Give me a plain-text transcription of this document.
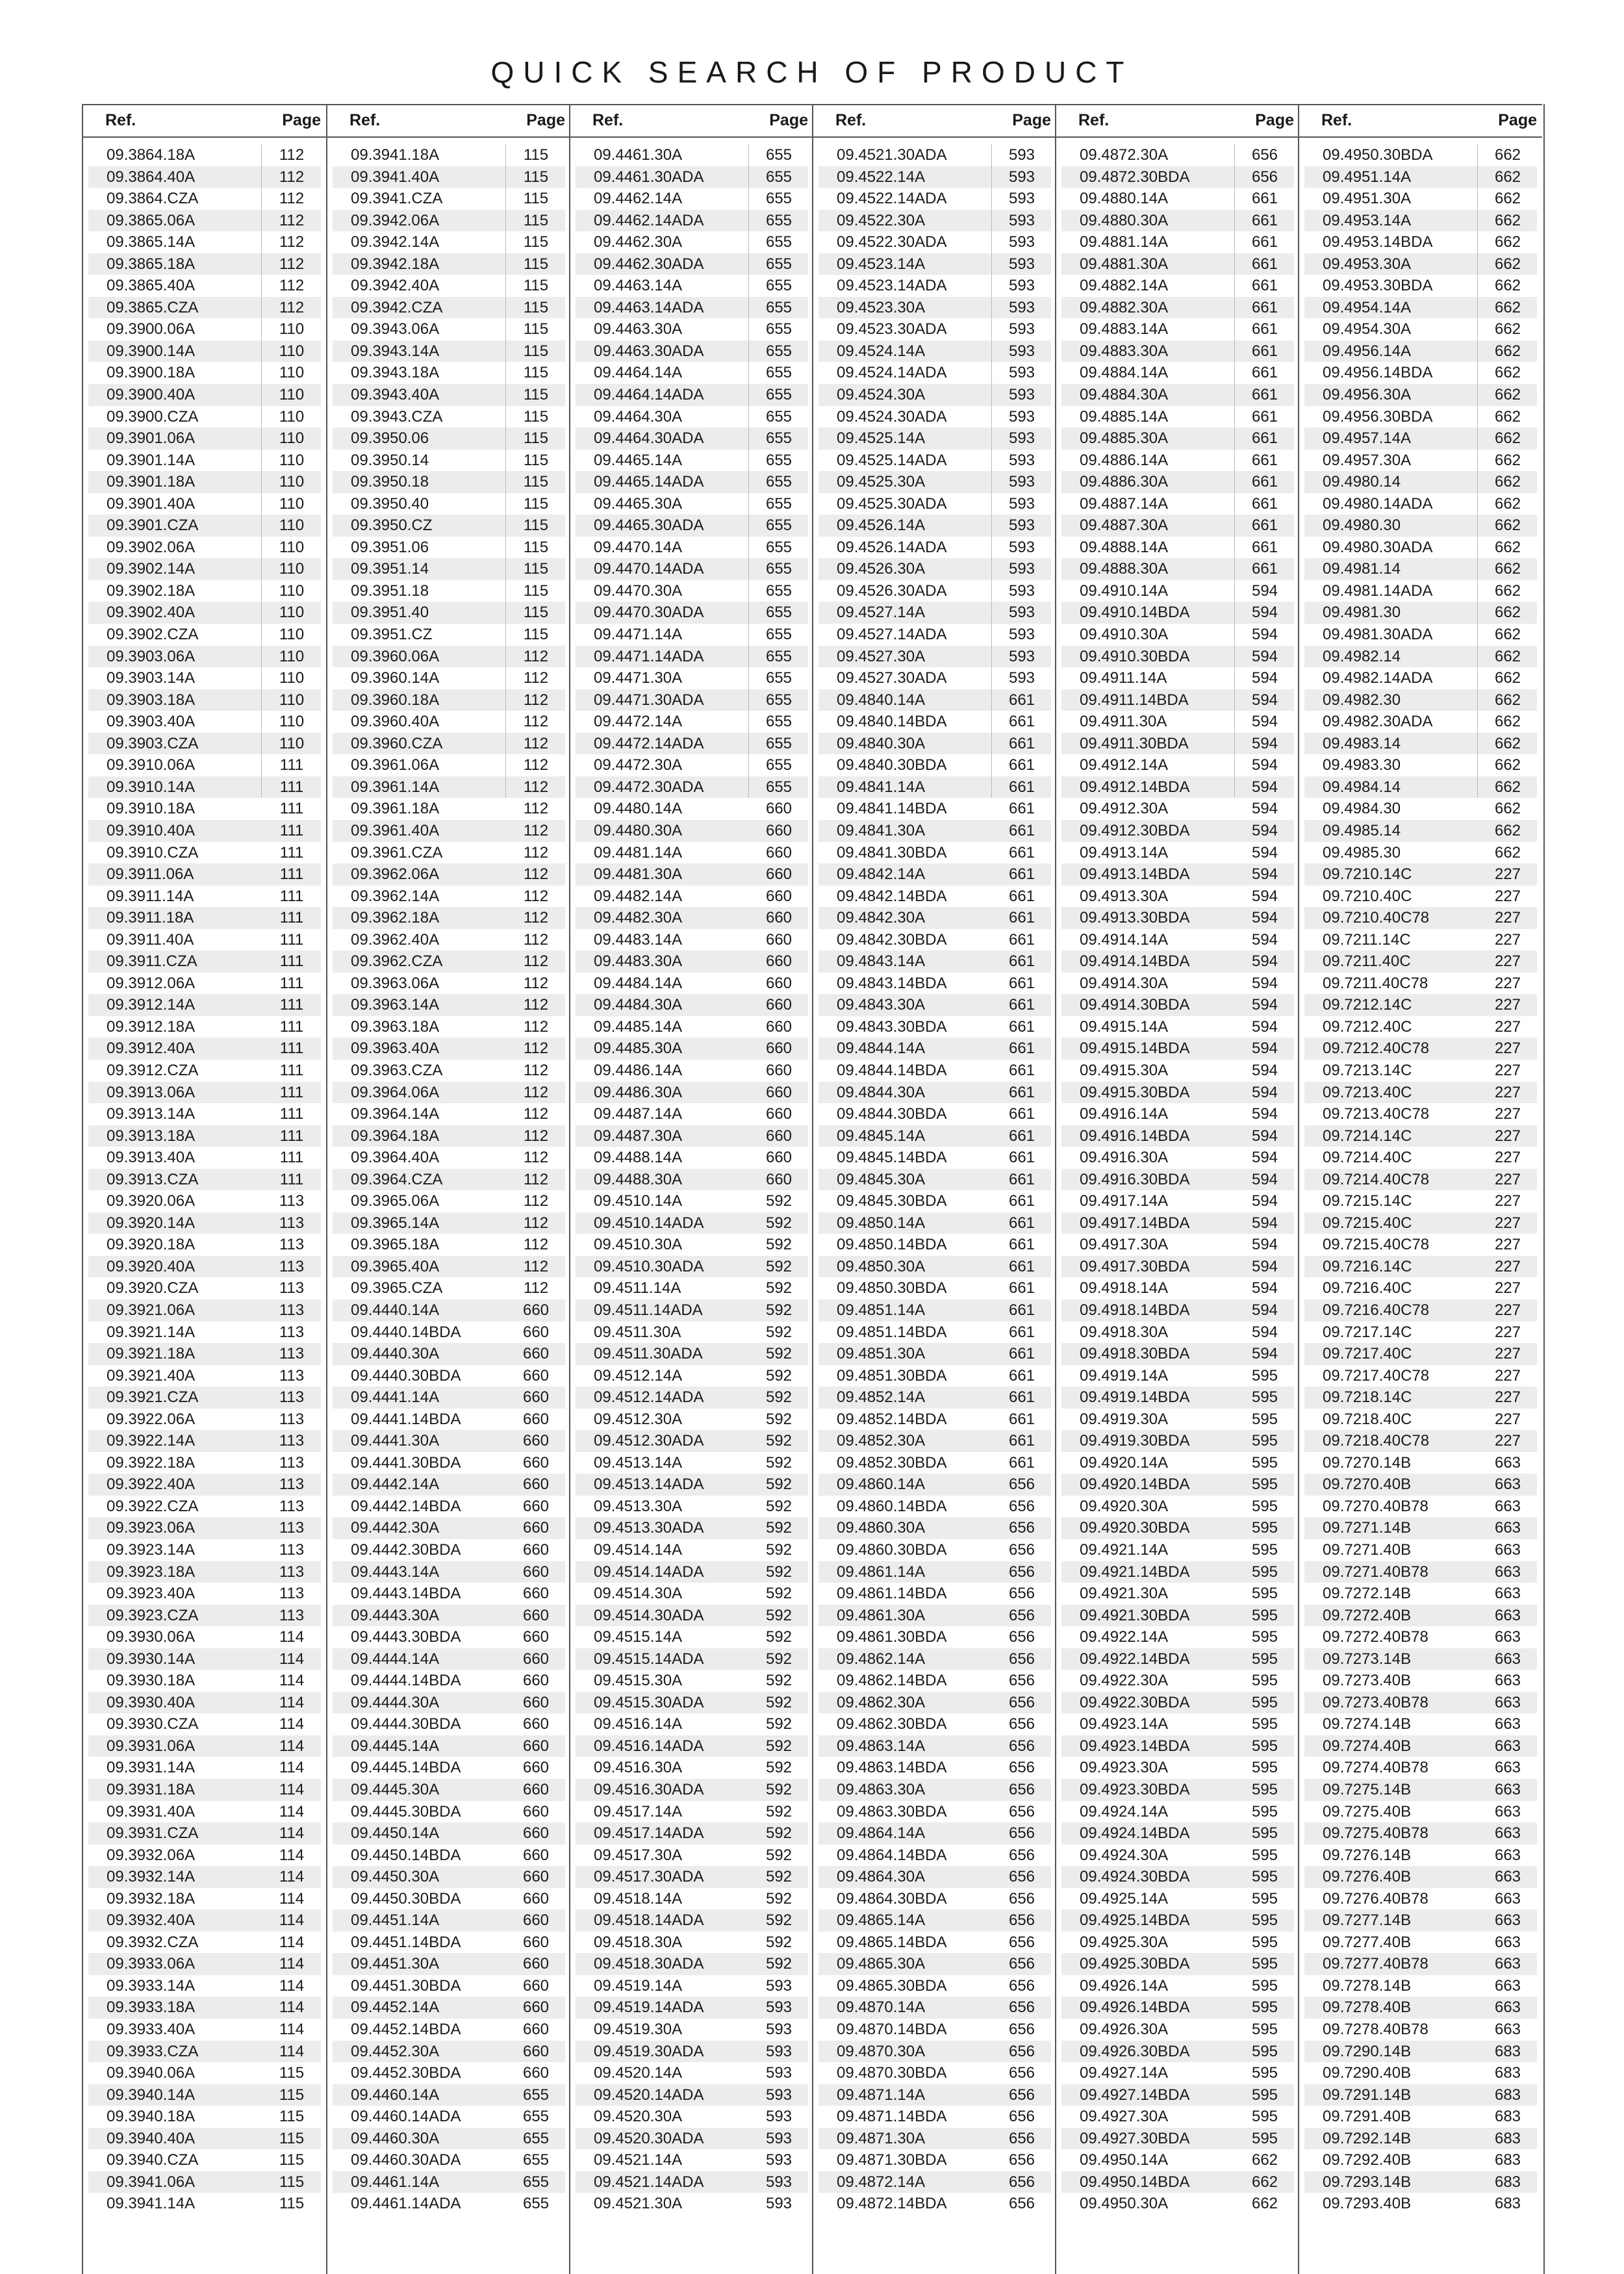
QUICK SEARCH OF PRODUCT
Ref.	Page
09.3864.18A	112
09.3864.40A	112
09.3864.CZA	112
09.3865.06A	112
09.3865.14A	112
09.3865.18A	112
09.3865.40A	112
09.3865.CZA	112
09.3900.06A	110
09.3900.14A	110
09.3900.18A	110
09.3900.40A	110
09.3900.CZA	110
09.3901.06A	110
09.3901.14A	110
09.3901.18A	110
09.3901.40A	110
09.3901.CZA	110
09.3902.06A	110
09.3902.14A	110
09.3902.18A	110
09.3902.40A	110
09.3902.CZA	110
09.3903.06A	110
09.3903.14A	110
09.3903.18A	110
09.3903.40A	110
09.3903.CZA	110
09.3910.06A	111
09.3910.14A	111
09.3910.18A	111
09.3910.40A	111
09.3910.CZA	111
09.3911.06A	111
09.3911.14A	111
09.3911.18A	111
09.3911.40A	111
09.3911.CZA	111
09.3912.06A	111
09.3912.14A	111
09.3912.18A	111
09.3912.40A	111
09.3912.CZA	111
09.3913.06A	111
09.3913.14A	111
09.3913.18A	111
09.3913.40A	111
09.3913.CZA	111
09.3920.06A	113
09.3920.14A	113
09.3920.18A	113
09.3920.40A	113
09.3920.CZA	113
09.3921.06A	113
09.3921.14A	113
09.3921.18A	113
09.3921.40A	113
09.3921.CZA	113
09.3922.06A	113
09.3922.14A	113
09.3922.18A	113
09.3922.40A	113
09.3922.CZA	113
09.3923.06A	113
09.3923.14A	113
09.3923.18A	113
09.3923.40A	113
09.3923.CZA	113
09.3930.06A	114
09.3930.14A	114
09.3930.18A	114
09.3930.40A	114
09.3930.CZA	114
09.3931.06A	114
09.3931.14A	114
09.3931.18A	114
09.3931.40A	114
09.3931.CZA	114
09.3932.06A	114
09.3932.14A	114
09.3932.18A	114
09.3932.40A	114
09.3932.CZA	114
09.3933.06A	114
09.3933.14A	114
09.3933.18A	114
09.3933.40A	114
09.3933.CZA	114
09.3940.06A	115
09.3940.14A	115
09.3940.18A	115
09.3940.40A	115
09.3940.CZA	115
09.3941.06A	115
09.3941.14A	115
Ref.	Page
09.3941.18A	115
09.3941.40A	115
09.3941.CZA	115
09.3942.06A	115
09.3942.14A	115
09.3942.18A	115
09.3942.40A	115
09.3942.CZA	115
09.3943.06A	115
09.3943.14A	115
09.3943.18A	115
09.3943.40A	115
09.3943.CZA	115
09.3950.06	115
09.3950.14	115
09.3950.18	115
09.3950.40	115
09.3950.CZ	115
09.3951.06	115
09.3951.14	115
09.3951.18	115
09.3951.40	115
09.3951.CZ	115
09.3960.06A	112
09.3960.14A	112
09.3960.18A	112
09.3960.40A	112
09.3960.CZA	112
09.3961.06A	112
09.3961.14A	112
09.3961.18A	112
09.3961.40A	112
09.3961.CZA	112
09.3962.06A	112
09.3962.14A	112
09.3962.18A	112
09.3962.40A	112
09.3962.CZA	112
09.3963.06A	112
09.3963.14A	112
09.3963.18A	112
09.3963.40A	112
09.3963.CZA	112
09.3964.06A	112
09.3964.14A	112
09.3964.18A	112
09.3964.40A	112
09.3964.CZA	112
09.3965.06A	112
09.3965.14A	112
09.3965.18A	112
09.3965.40A	112
09.3965.CZA	112
09.4440.14A	660
09.4440.14BDA	660
09.4440.30A	660
09.4440.30BDA	660
09.4441.14A	660
09.4441.14BDA	660
09.4441.30A	660
09.4441.30BDA	660
09.4442.14A	660
09.4442.14BDA	660
09.4442.30A	660
09.4442.30BDA	660
09.4443.14A	660
09.4443.14BDA	660
09.4443.30A	660
09.4443.30BDA	660
09.4444.14A	660
09.4444.14BDA	660
09.4444.30A	660
09.4444.30BDA	660
09.4445.14A	660
09.4445.14BDA	660
09.4445.30A	660
09.4445.30BDA	660
09.4450.14A	660
09.4450.14BDA	660
09.4450.30A	660
09.4450.30BDA	660
09.4451.14A	660
09.4451.14BDA	660
09.4451.30A	660
09.4451.30BDA	660
09.4452.14A	660
09.4452.14BDA	660
09.4452.30A	660
09.4452.30BDA	660
09.4460.14A	655
09.4460.14ADA	655
09.4460.30A	655
09.4460.30ADA	655
09.4461.14A	655
09.4461.14ADA	655
Ref.	Page
09.4461.30A	655
09.4461.30ADA	655
09.4462.14A	655
09.4462.14ADA	655
09.4462.30A	655
09.4462.30ADA	655
09.4463.14A	655
09.4463.14ADA	655
09.4463.30A	655
09.4463.30ADA	655
09.4464.14A	655
09.4464.14ADA	655
09.4464.30A	655
09.4464.30ADA	655
09.4465.14A	655
09.4465.14ADA	655
09.4465.30A	655
09.4465.30ADA	655
09.4470.14A	655
09.4470.14ADA	655
09.4470.30A	655
09.4470.30ADA	655
09.4471.14A	655
09.4471.14ADA	655
09.4471.30A	655
09.4471.30ADA	655
09.4472.14A	655
09.4472.14ADA	655
09.4472.30A	655
09.4472.30ADA	655
09.4480.14A	660
09.4480.30A	660
09.4481.14A	660
09.4481.30A	660
09.4482.14A	660
09.4482.30A	660
09.4483.14A	660
09.4483.30A	660
09.4484.14A	660
09.4484.30A	660
09.4485.14A	660
09.4485.30A	660
09.4486.14A	660
09.4486.30A	660
09.4487.14A	660
09.4487.30A	660
09.4488.14A	660
09.4488.30A	660
09.4510.14A	592
09.4510.14ADA	592
09.4510.30A	592
09.4510.30ADA	592
09.4511.14A	592
09.4511.14ADA	592
09.4511.30A	592
09.4511.30ADA	592
09.4512.14A	592
09.4512.14ADA	592
09.4512.30A	592
09.4512.30ADA	592
09.4513.14A	592
09.4513.14ADA	592
09.4513.30A	592
09.4513.30ADA	592
09.4514.14A	592
09.4514.14ADA	592
09.4514.30A	592
09.4514.30ADA	592
09.4515.14A	592
09.4515.14ADA	592
09.4515.30A	592
09.4515.30ADA	592
09.4516.14A	592
09.4516.14ADA	592
09.4516.30A	592
09.4516.30ADA	592
09.4517.14A	592
09.4517.14ADA	592
09.4517.30A	592
09.4517.30ADA	592
09.4518.14A	592
09.4518.14ADA	592
09.4518.30A	592
09.4518.30ADA	592
09.4519.14A	593
09.4519.14ADA	593
09.4519.30A	593
09.4519.30ADA	593
09.4520.14A	593
09.4520.14ADA	593
09.4520.30A	593
09.4520.30ADA	593
09.4521.14A	593
09.4521.14ADA	593
09.4521.30A	593
Ref.	Page
09.4521.30ADA	593
09.4522.14A	593
09.4522.14ADA	593
09.4522.30A	593
09.4522.30ADA	593
09.4523.14A	593
09.4523.14ADA	593
09.4523.30A	593
09.4523.30ADA	593
09.4524.14A	593
09.4524.14ADA	593
09.4524.30A	593
09.4524.30ADA	593
09.4525.14A	593
09.4525.14ADA	593
09.4525.30A	593
09.4525.30ADA	593
09.4526.14A	593
09.4526.14ADA	593
09.4526.30A	593
09.4526.30ADA	593
09.4527.14A	593
09.4527.14ADA	593
09.4527.30A	593
09.4527.30ADA	593
09.4840.14A	661
09.4840.14BDA	661
09.4840.30A	661
09.4840.30BDA	661
09.4841.14A	661
09.4841.14BDA	661
09.4841.30A	661
09.4841.30BDA	661
09.4842.14A	661
09.4842.14BDA	661
09.4842.30A	661
09.4842.30BDA	661
09.4843.14A	661
09.4843.14BDA	661
09.4843.30A	661
09.4843.30BDA	661
09.4844.14A	661
09.4844.14BDA	661
09.4844.30A	661
09.4844.30BDA	661
09.4845.14A	661
09.4845.14BDA	661
09.4845.30A	661
09.4845.30BDA	661
09.4850.14A	661
09.4850.14BDA	661
09.4850.30A	661
09.4850.30BDA	661
09.4851.14A	661
09.4851.14BDA	661
09.4851.30A	661
09.4851.30BDA	661
09.4852.14A	661
09.4852.14BDA	661
09.4852.30A	661
09.4852.30BDA	661
09.4860.14A	656
09.4860.14BDA	656
09.4860.30A	656
09.4860.30BDA	656
09.4861.14A	656
09.4861.14BDA	656
09.4861.30A	656
09.4861.30BDA	656
09.4862.14A	656
09.4862.14BDA	656
09.4862.30A	656
09.4862.30BDA	656
09.4863.14A	656
09.4863.14BDA	656
09.4863.30A	656
09.4863.30BDA	656
09.4864.14A	656
09.4864.14BDA	656
09.4864.30A	656
09.4864.30BDA	656
09.4865.14A	656
09.4865.14BDA	656
09.4865.30A	656
09.4865.30BDA	656
09.4870.14A	656
09.4870.14BDA	656
09.4870.30A	656
09.4870.30BDA	656
09.4871.14A	656
09.4871.14BDA	656
09.4871.30A	656
09.4871.30BDA	656
09.4872.14A	656
09.4872.14BDA	656
Ref.	Page
09.4872.30A	656
09.4872.30BDA	656
09.4880.14A	661
09.4880.30A	661
09.4881.14A	661
09.4881.30A	661
09.4882.14A	661
09.4882.30A	661
09.4883.14A	661
09.4883.30A	661
09.4884.14A	661
09.4884.30A	661
09.4885.14A	661
09.4885.30A	661
09.4886.14A	661
09.4886.30A	661
09.4887.14A	661
09.4887.30A	661
09.4888.14A	661
09.4888.30A	661
09.4910.14A	594
09.4910.14BDA	594
09.4910.30A	594
09.4910.30BDA	594
09.4911.14A	594
09.4911.14BDA	594
09.4911.30A	594
09.4911.30BDA	594
09.4912.14A	594
09.4912.14BDA	594
09.4912.30A	594
09.4912.30BDA	594
09.4913.14A	594
09.4913.14BDA	594
09.4913.30A	594
09.4913.30BDA	594
09.4914.14A	594
09.4914.14BDA	594
09.4914.30A	594
09.4914.30BDA	594
09.4915.14A	594
09.4915.14BDA	594
09.4915.30A	594
09.4915.30BDA	594
09.4916.14A	594
09.4916.14BDA	594
09.4916.30A	594
09.4916.30BDA	594
09.4917.14A	594
09.4917.14BDA	594
09.4917.30A	594
09.4917.30BDA	594
09.4918.14A	594
09.4918.14BDA	594
09.4918.30A	594
09.4918.30BDA	594
09.4919.14A	595
09.4919.14BDA	595
09.4919.30A	595
09.4919.30BDA	595
09.4920.14A	595
09.4920.14BDA	595
09.4920.30A	595
09.4920.30BDA	595
09.4921.14A	595
09.4921.14BDA	595
09.4921.30A	595
09.4921.30BDA	595
09.4922.14A	595
09.4922.14BDA	595
09.4922.30A	595
09.4922.30BDA	595
09.4923.14A	595
09.4923.14BDA	595
09.4923.30A	595
09.4923.30BDA	595
09.4924.14A	595
09.4924.14BDA	595
09.4924.30A	595
09.4924.30BDA	595
09.4925.14A	595
09.4925.14BDA	595
09.4925.30A	595
09.4925.30BDA	595
09.4926.14A	595
09.4926.14BDA	595
09.4926.30A	595
09.4926.30BDA	595
09.4927.14A	595
09.4927.14BDA	595
09.4927.30A	595
09.4927.30BDA	595
09.4950.14A	662
09.4950.14BDA	662
09.4950.30A	662
Ref.	Page
09.4950.30BDA	662
09.4951.14A	662
09.4951.30A	662
09.4953.14A	662
09.4953.14BDA	662
09.4953.30A	662
09.4953.30BDA	662
09.4954.14A	662
09.4954.30A	662
09.4956.14A	662
09.4956.14BDA	662
09.4956.30A	662
09.4956.30BDA	662
09.4957.14A	662
09.4957.30A	662
09.4980.14	662
09.4980.14ADA	662
09.4980.30	662
09.4980.30ADA	662
09.4981.14	662
09.4981.14ADA	662
09.4981.30	662
09.4981.30ADA	662
09.4982.14	662
09.4982.14ADA	662
09.4982.30	662
09.4982.30ADA	662
09.4983.14	662
09.4983.30	662
09.4984.14	662
09.4984.30	662
09.4985.14	662
09.4985.30	662
09.7210.14C	227
09.7210.40C	227
09.7210.40C78	227
09.7211.14C	227
09.7211.40C	227
09.7211.40C78	227
09.7212.14C	227
09.7212.40C	227
09.7212.40C78	227
09.7213.14C	227
09.7213.40C	227
09.7213.40C78	227
09.7214.14C	227
09.7214.40C	227
09.7214.40C78	227
09.7215.14C	227
09.7215.40C	227
09.7215.40C78	227
09.7216.14C	227
09.7216.40C	227
09.7216.40C78	227
09.7217.14C	227
09.7217.40C	227
09.7217.40C78	227
09.7218.14C	227
09.7218.40C	227
09.7218.40C78	227
09.7270.14B	663
09.7270.40B	663
09.7270.40B78	663
09.7271.14B	663
09.7271.40B	663
09.7271.40B78	663
09.7272.14B	663
09.7272.40B	663
09.7272.40B78	663
09.7273.14B	663
09.7273.40B	663
09.7273.40B78	663
09.7274.14B	663
09.7274.40B	663
09.7274.40B78	663
09.7275.14B	663
09.7275.40B	663
09.7275.40B78	663
09.7276.14B	663
09.7276.40B	663
09.7276.40B78	663
09.7277.14B	663
09.7277.40B	663
09.7277.40B78	663
09.7278.14B	663
09.7278.40B	663
09.7278.40B78	663
09.7290.14B	683
09.7290.40B	683
09.7291.14B	683
09.7291.40B	683
09.7292.14B	683
09.7292.40B	683
09.7293.14B	683
09.7293.40B	683
